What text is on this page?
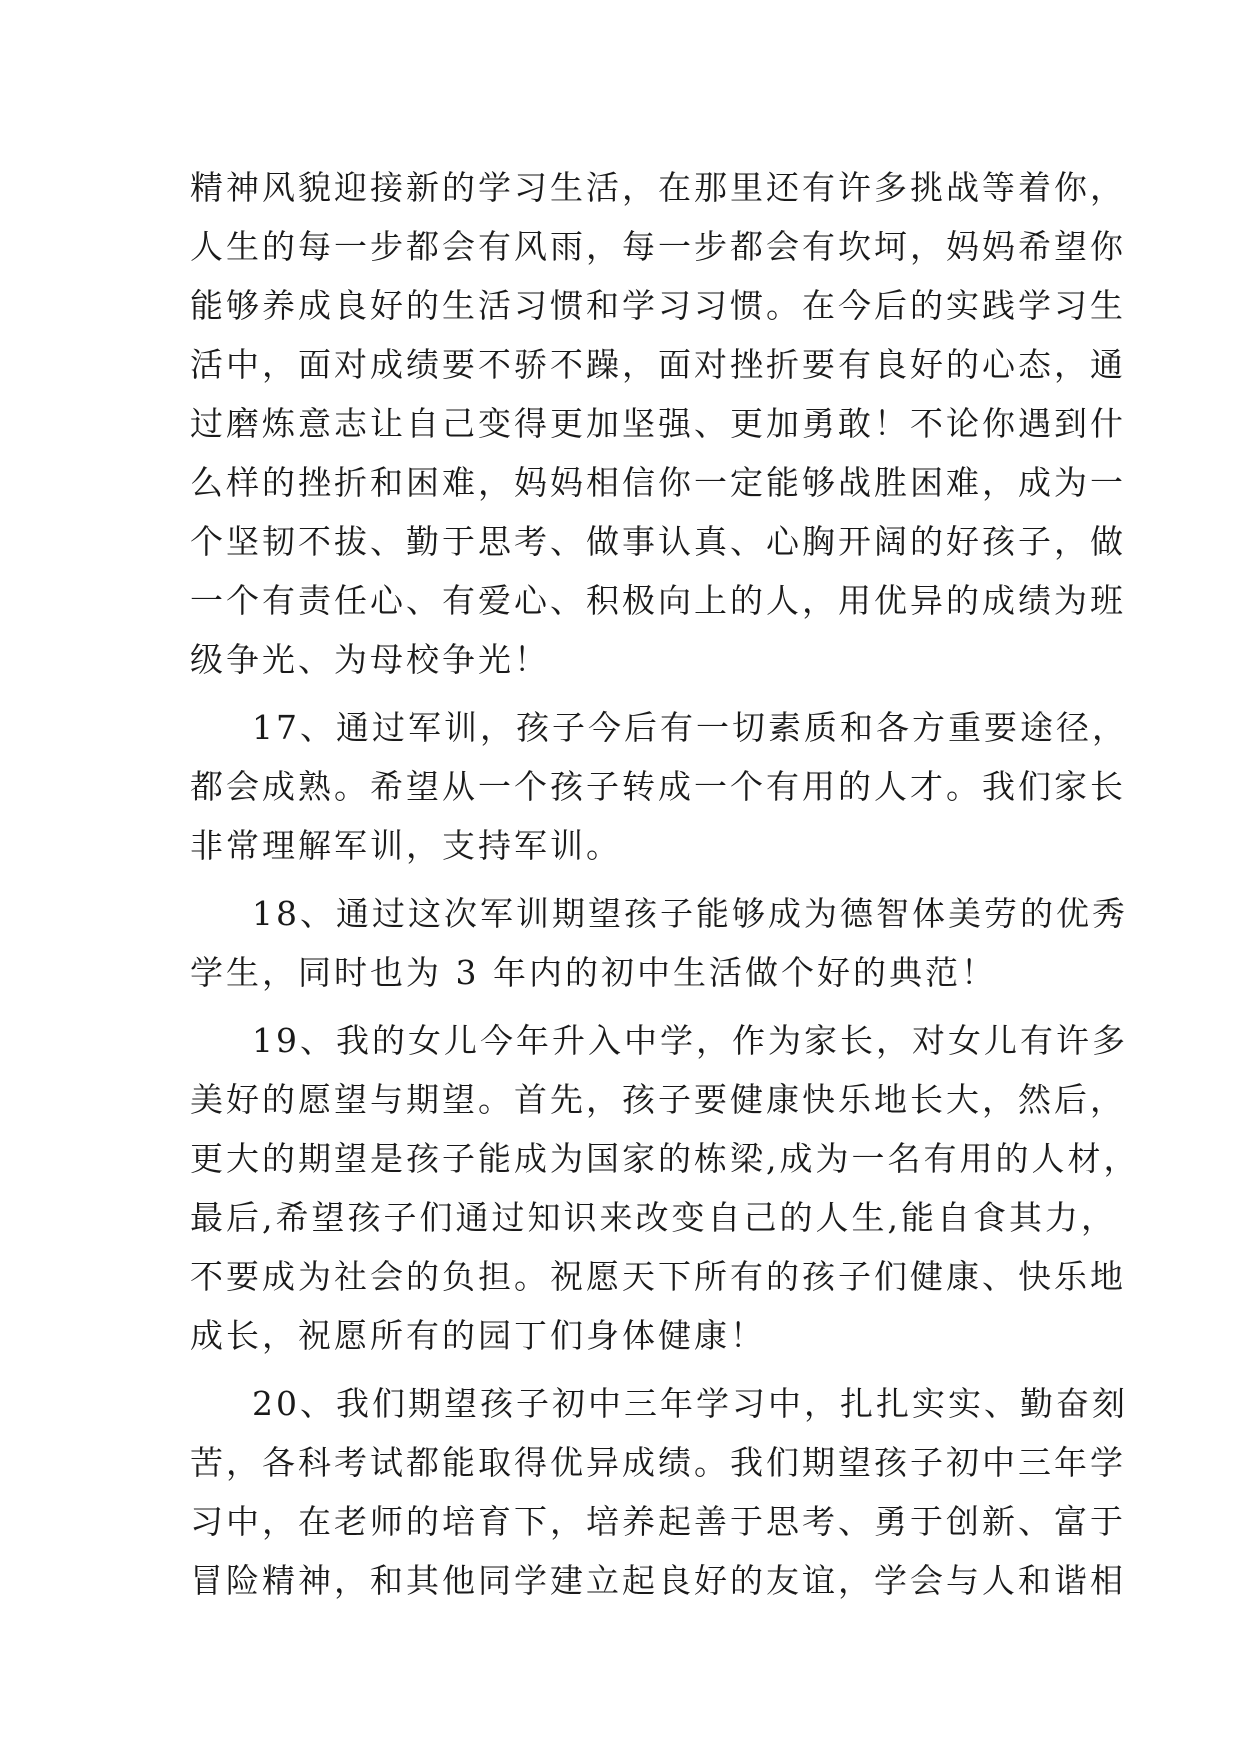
精神风貌迎接新的学习生活，在那里还有许多挑战等着你，
人生的每一步都会有风雨，每一步都会有坎坷，妈妈希望你
能够养成良好的生活习惯和学习习惯。在今后的实践学习生
活中，面对成绩要不骄不躁，面对挫折要有良好的心态，通
过磨炼意志让自己变得更加坚强、更加勇敢！不论你遇到什
么样的挫折和困难，妈妈相信你一定能够战胜困难，成为一
个坚韧不拔、勤于思考、做事认真、心胸开阔的好孩子，做
一个有责任心、有爱心、积极向上的人，用优异的成绩为班
级争光、为母校争光！
17、通过军训，孩子今后有一切素质和各方重要途径，
都会成熟。希望从一个孩子转成一个有用的人才。我们家长
非常理解军训，支持军训。
18、通过这次军训期望孩子能够成为德智体美劳的优秀
学生，同时也为 3 年内的初中生活做个好的典范！
19、我的女儿今年升入中学，作为家长，对女儿有许多
美好的愿望与期望。首先，孩子要健康快乐地长大，然后，
更大的期望是孩子能成为国家的栋梁,成为一名有用的人材，
最后,希望孩子们通过知识来改变自己的人生,能自食其力，
不要成为社会的负担。祝愿天下所有的孩子们健康、快乐地
成长，祝愿所有的园丁们身体健康！
20、我们期望孩子初中三年学习中，扎扎实实、勤奋刻
苦，各科考试都能取得优异成绩。我们期望孩子初中三年学
习中，在老师的培育下，培养起善于思考、勇于创新、富于
冒险精神，和其他同学建立起良好的友谊，学会与人和谐相
